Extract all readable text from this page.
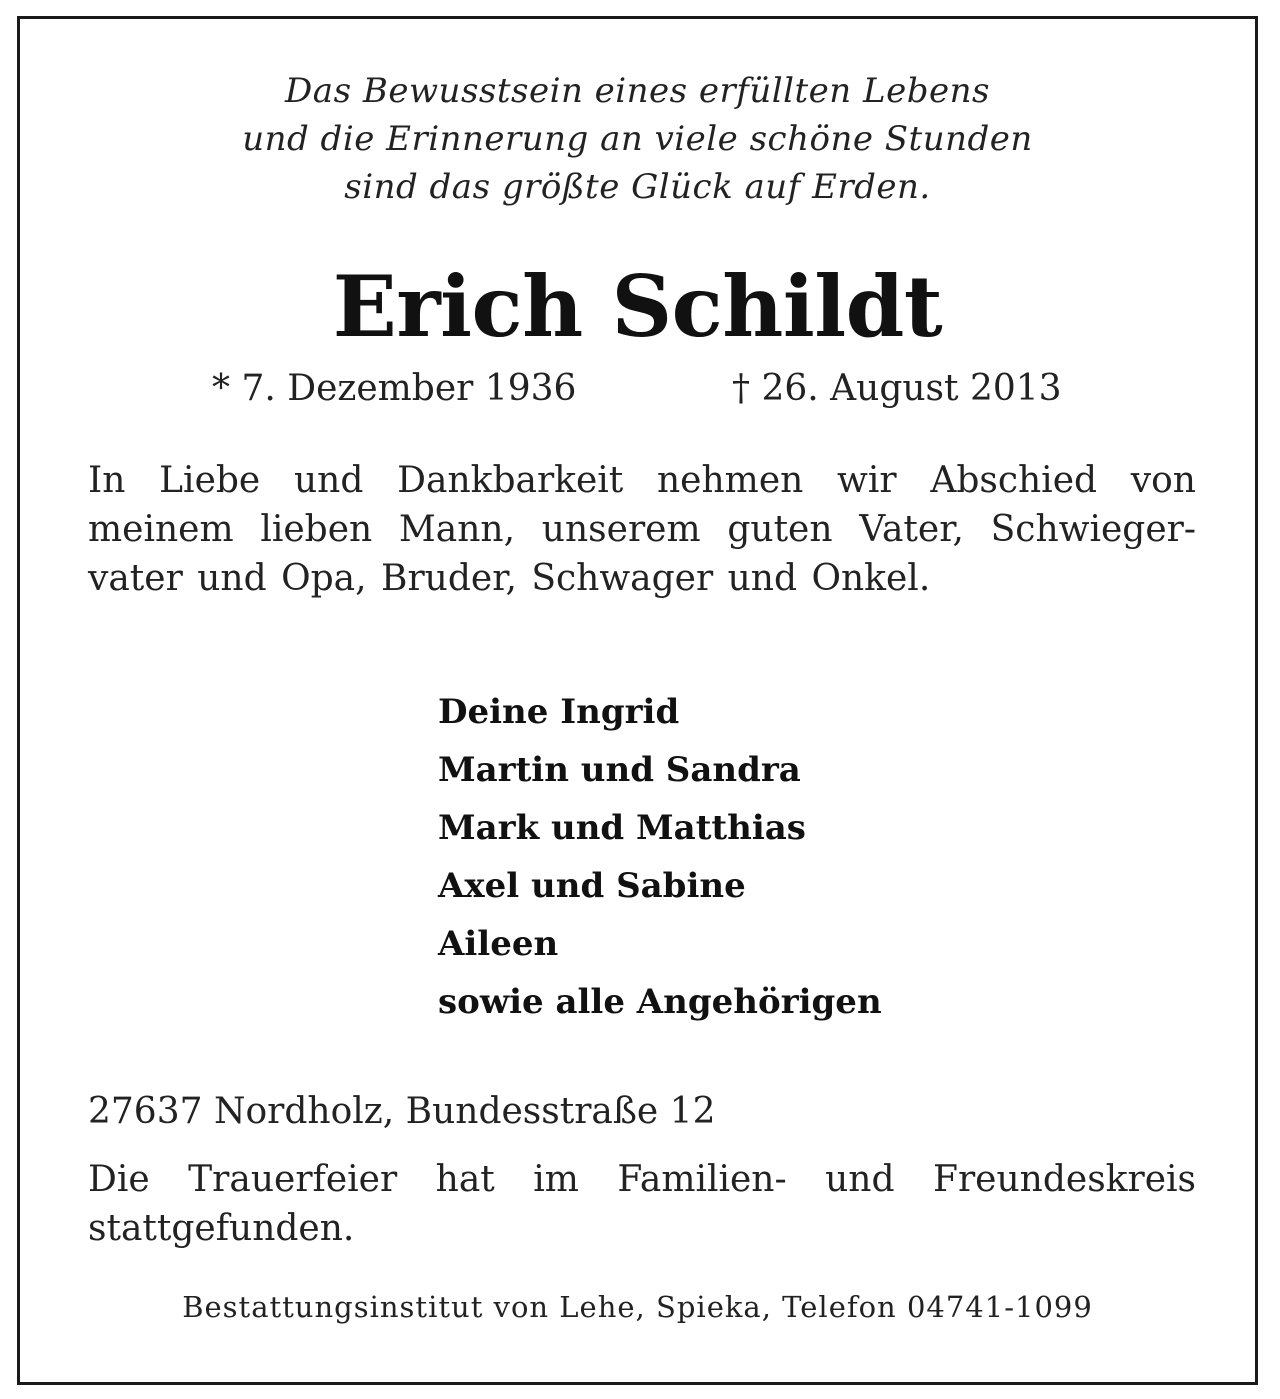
Das Bewusstsein eines erfüllten Lebens
und die Erinnerung an viele schöne Stunden
sind das größte Glück auf Erden.
Erich Schildt
* 7. Dezember 1936	† 26. August 2013
In Liebe und Dankbarkeit nehmen wir Abschied von
meinem lieben Mann, unserem guten Vater, Schwieger-
vater und Opa, Bruder, Schwager und Onkel.
Deine Ingrid
Martin und Sandra
Mark und Matthias
Axel und Sabine
Aileen
sowie alle Angehörigen
27637 Nordholz, Bundesstraße 12
Die Trauerfeier hat im Familien- und Freundeskreis
stattgefunden.
Bestattungsinstitut von Lehe, Spieka, Telefon 04741-1099
